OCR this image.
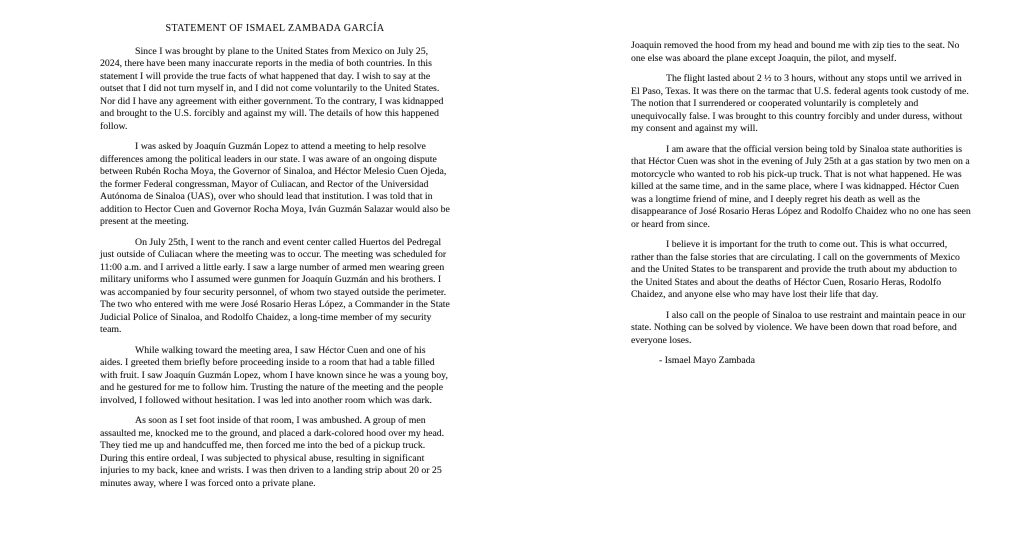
STATEMENT OF ISMAEL ZAMBADA GARCÍA

Since I was brought by plane to the United States from Mexico on July 25, 2024, there have been many inaccurate reports in the media of both countries. In this statement I will provide the true facts of what happened that day. I wish to say at the outset that I did not turn myself in, and I did not come voluntarily to the United States. Nor did I have any agreement with either government. To the contrary, I was kidnapped and brought to the U.S. forcibly and against my will. The details of how this happened follow.

I was asked by Joaquín Guzmán Lopez to attend a meeting to help resolve differences among the political leaders in our state. I was aware of an ongoing dispute between Rubén Rocha Moya, the Governor of Sinaloa, and Héctor Melesio Cuen Ojeda, the former Federal congressman, Mayor of Culiacan, and Rector of the Universidad Autónoma de Sinaloa (UAS), over who should lead that institution. I was told that in addition to Hector Cuen and Governor Rocha Moya, Iván Guzmán Salazar would also be present at the meeting.

On July 25th, I went to the ranch and event center called Huertos del Pedregal just outside of Culiacan where the meeting was to occur. The meeting was scheduled for 11:00 a.m. and I arrived a little early. I saw a large number of armed men wearing green military uniforms who I assumed were gunmen for Joaquín Guzmán and his brothers. I was accompanied by four security personnel, of whom two stayed outside the perimeter. The two who entered with me were José Rosario Heras López, a Commander in the State Judicial Police of Sinaloa, and Rodolfo Chaidez, a long-time member of my security team.

While walking toward the meeting area, I saw Héctor Cuen and one of his aides. I greeted them briefly before proceeding inside to a room that had a table filled with fruit. I saw Joaquín Guzmán Lopez, whom I have known since he was a young boy, and he gestured for me to follow him. Trusting the nature of the meeting and the people involved, I followed without hesitation. I was led into another room which was dark.

As soon as I set foot inside of that room, I was ambushed. A group of men assaulted me, knocked me to the ground, and placed a dark-colored hood over my head. They tied me up and handcuffed me, then forced me into the bed of a pickup truck. During this entire ordeal, I was subjected to physical abuse, resulting in significant injuries to my back, knee and wrists. I was then driven to a landing strip about 20 or 25 minutes away, where I was forced onto a private plane.

Joaquin removed the hood from my head and bound me with zip ties to the seat. No one else was aboard the plane except Joaquin, the pilot, and myself.

The flight lasted about 2 ½ to 3 hours, without any stops until we arrived in El Paso, Texas. It was there on the tarmac that U.S. federal agents took custody of me. The notion that I surrendered or cooperated voluntarily is completely and unequivocally false. I was brought to this country forcibly and under duress, without my consent and against my will.

I am aware that the official version being told by Sinaloa state authorities is that Héctor Cuen was shot in the evening of July 25th at a gas station by two men on a motorcycle who wanted to rob his pick-up truck. That is not what happened. He was killed at the same time, and in the same place, where I was kidnapped. Héctor Cuen was a longtime friend of mine, and I deeply regret his death as well as the disappearance of José Rosario Heras López and Rodolfo Chaidez who no one has seen or heard from since.

I believe it is important for the truth to come out. This is what occurred, rather than the false stories that are circulating. I call on the governments of Mexico and the United States to be transparent and provide the truth about my abduction to the United States and about the deaths of Héctor Cuen, Rosario Heras, Rodolfo Chaidez, and anyone else who may have lost their life that day.

I also call on the people of Sinaloa to use restraint and maintain peace in our state. Nothing can be solved by violence. We have been down that road before, and everyone loses.

- Ismael Mayo Zambada
